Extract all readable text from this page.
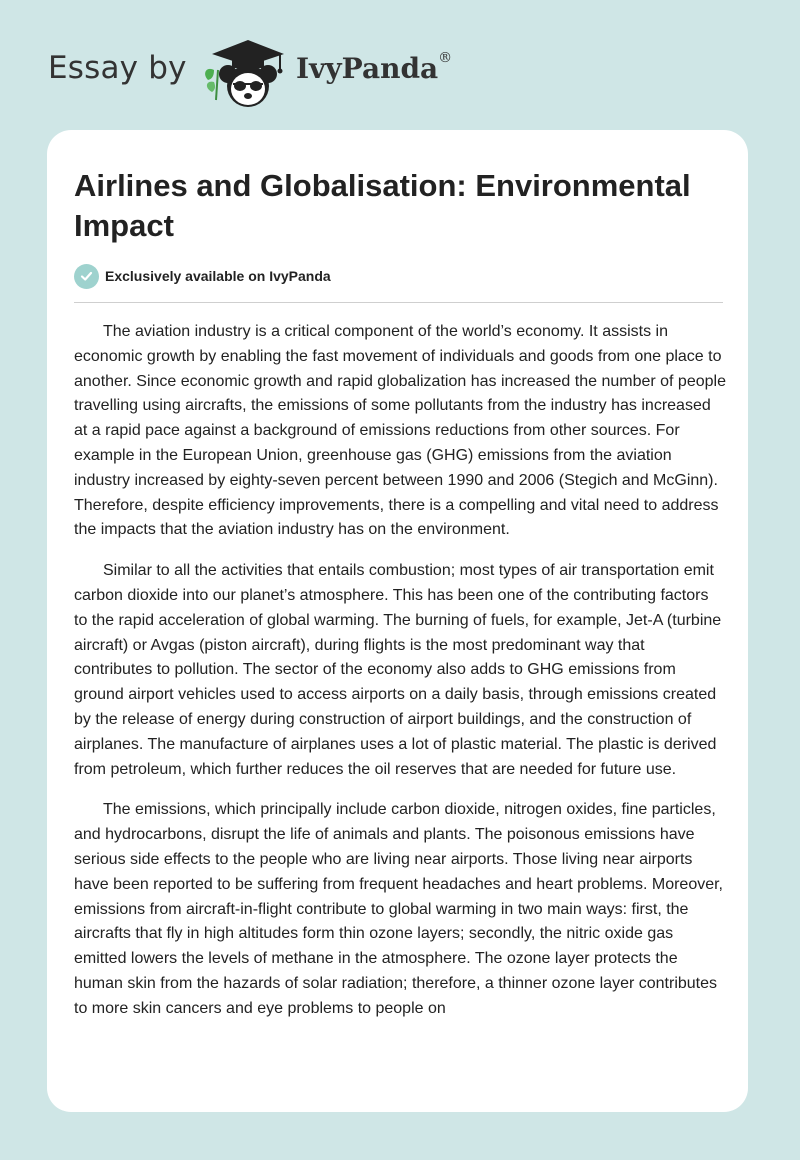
Essay by	IvyPanda®
Airlines and Globalisation: Environmental Impact
Exclusively available on IvyPanda

The aviation industry is a critical component of the world’s economy. It assists in economic growth by enabling the fast movement of individuals and goods from one place to another. Since economic growth and rapid globalization has increased the number of people travelling using aircrafts, the emissions of some pollutants from the industry has increased at a rapid pace against a background of emissions reductions from other sources. For example in the European Union, greenhouse gas (GHG) emissions from the aviation industry increased by eighty-seven percent between 1990 and 2006 (Stegich and McGinn). Therefore, despite efficiency improvements, there is a compelling and vital need to address the impacts that the aviation industry has on the environment.

Similar to all the activities that entails combustion; most types of air transportation emit carbon dioxide into our planet’s atmosphere. This has been one of the contributing factors to the rapid acceleration of global warming. The burning of fuels, for example, Jet-A (turbine aircraft) or Avgas (piston aircraft), during flights is the most predominant way that contributes to pollution. The sector of the economy also adds to GHG emissions from ground airport vehicles used to access airports on a daily basis, through emissions created by the release of energy during construction of airport buildings, and the construction of airplanes. The manufacture of airplanes uses a lot of plastic material. The plastic is derived from petroleum, which further reduces the oil reserves that are needed for future use.

The emissions, which principally include carbon dioxide, nitrogen oxides, fine particles, and hydrocarbons, disrupt the life of animals and plants. The poisonous emissions have serious side effects to the people who are living near airports. Those living near airports have been reported to be suffering from frequent headaches and heart problems. Moreover, emissions from aircraft-in-flight contribute to global warming in two main ways: first, the aircrafts that fly in high altitudes form thin ozone layers; secondly, the nitric oxide gas emitted lowers the levels of methane in the atmosphere. The ozone layer protects the human skin from the hazards of solar radiation; therefore, a thinner ozone layer contributes to more skin cancers and eye problems to people on
